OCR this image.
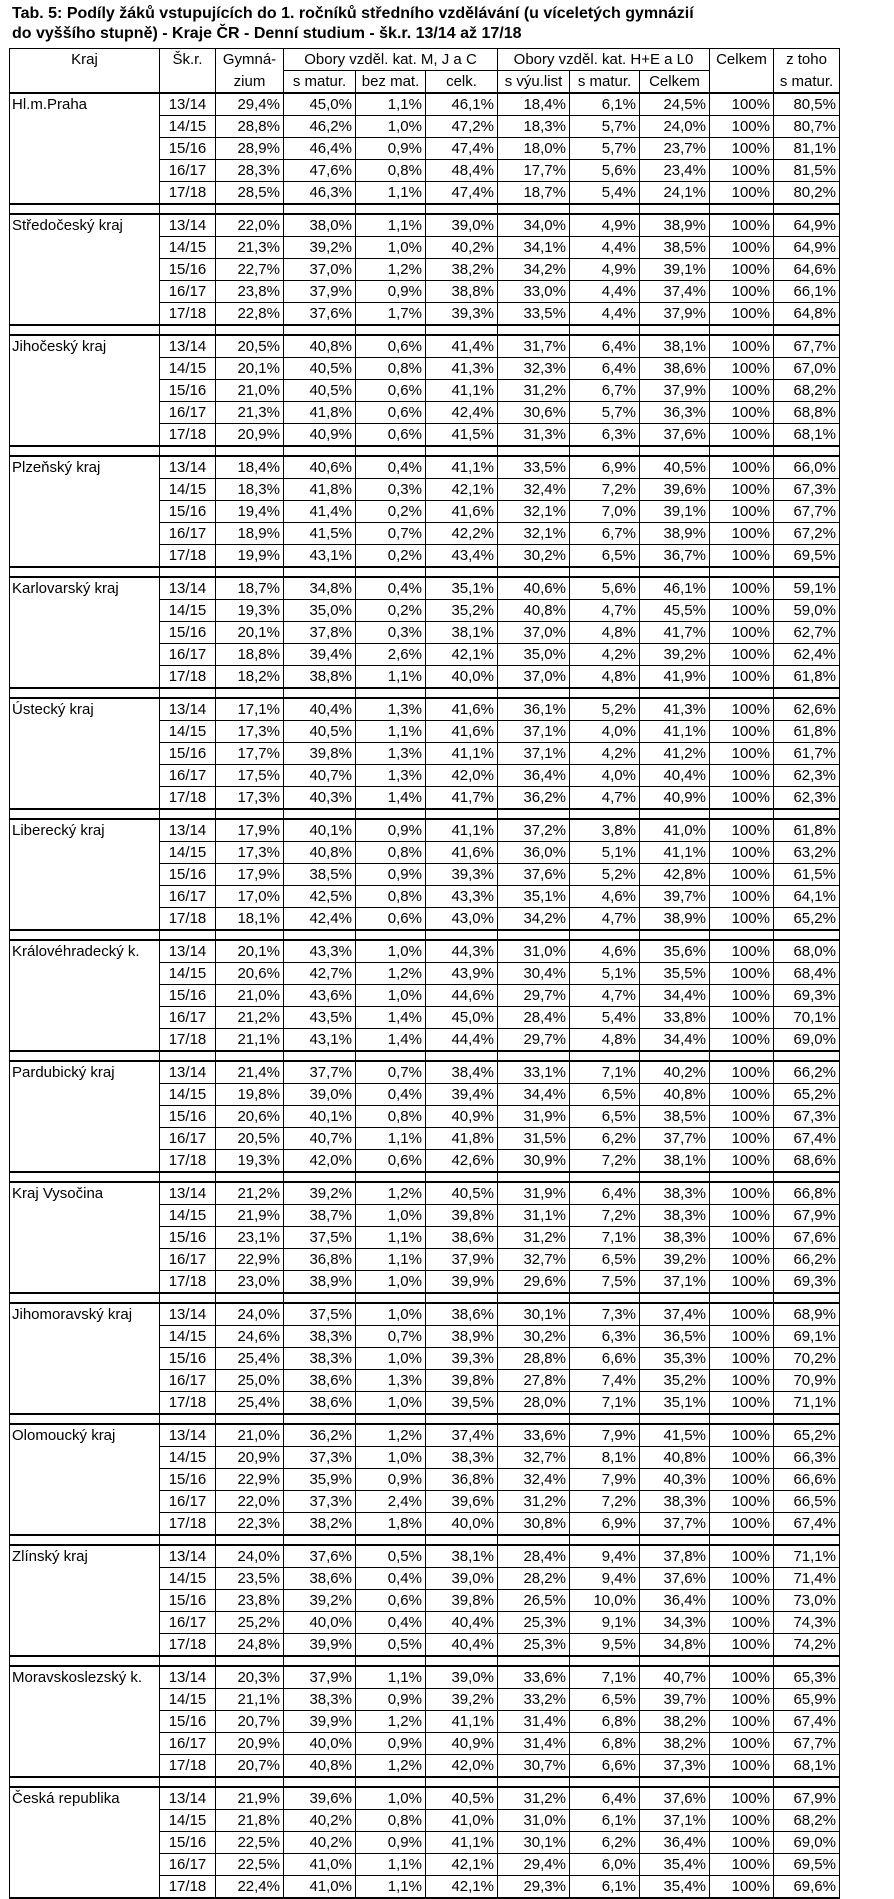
Tab. 5: Podíly žáků vstupujících do 1. ročníků středního vzdělávání (u víceletých gymnázií
do vyššího stupně) - Kraje ČR - Denní studium - šk.r. 13/14 až 17/18
Kraj	Šk.r.	Gymná-	Obory vzděl. kat. M, J a C			Obory vzděl. kat. H+E a L0			Celkem	z toho
		zium	s matur.	bez mat.	celk.	s výu.list	s matur.	Celkem		s matur.
Hl.m.Praha	13/14	29,4%	45,0%	1,1%	46,1%	18,4%	6,1%	24,5%	100%	80,5%
	14/15	28,8%	46,2%	1,0%	47,2%	18,3%	5,7%	24,0%	100%	80,7%
	15/16	28,9%	46,4%	0,9%	47,4%	18,0%	5,7%	23,7%	100%	81,1%
	16/17	28,3%	47,6%	0,8%	48,4%	17,7%	5,6%	23,4%	100%	81,5%
	17/18	28,5%	46,3%	1,1%	47,4%	18,7%	5,4%	24,1%	100%	80,2%

Středočeský kraj	13/14	22,0%	38,0%	1,1%	39,0%	34,0%	4,9%	38,9%	100%	64,9%
	14/15	21,3%	39,2%	1,0%	40,2%	34,1%	4,4%	38,5%	100%	64,9%
	15/16	22,7%	37,0%	1,2%	38,2%	34,2%	4,9%	39,1%	100%	64,6%
	16/17	23,8%	37,9%	0,9%	38,8%	33,0%	4,4%	37,4%	100%	66,1%
	17/18	22,8%	37,6%	1,7%	39,3%	33,5%	4,4%	37,9%	100%	64,8%

Jihočeský kraj	13/14	20,5%	40,8%	0,6%	41,4%	31,7%	6,4%	38,1%	100%	67,7%
	14/15	20,1%	40,5%	0,8%	41,3%	32,3%	6,4%	38,6%	100%	67,0%
	15/16	21,0%	40,5%	0,6%	41,1%	31,2%	6,7%	37,9%	100%	68,2%
	16/17	21,3%	41,8%	0,6%	42,4%	30,6%	5,7%	36,3%	100%	68,8%
	17/18	20,9%	40,9%	0,6%	41,5%	31,3%	6,3%	37,6%	100%	68,1%

Plzeňský kraj	13/14	18,4%	40,6%	0,4%	41,1%	33,5%	6,9%	40,5%	100%	66,0%
	14/15	18,3%	41,8%	0,3%	42,1%	32,4%	7,2%	39,6%	100%	67,3%
	15/16	19,4%	41,4%	0,2%	41,6%	32,1%	7,0%	39,1%	100%	67,7%
	16/17	18,9%	41,5%	0,7%	42,2%	32,1%	6,7%	38,9%	100%	67,2%
	17/18	19,9%	43,1%	0,2%	43,4%	30,2%	6,5%	36,7%	100%	69,5%

Karlovarský kraj	13/14	18,7%	34,8%	0,4%	35,1%	40,6%	5,6%	46,1%	100%	59,1%
	14/15	19,3%	35,0%	0,2%	35,2%	40,8%	4,7%	45,5%	100%	59,0%
	15/16	20,1%	37,8%	0,3%	38,1%	37,0%	4,8%	41,7%	100%	62,7%
	16/17	18,8%	39,4%	2,6%	42,1%	35,0%	4,2%	39,2%	100%	62,4%
	17/18	18,2%	38,8%	1,1%	40,0%	37,0%	4,8%	41,9%	100%	61,8%

Ústecký kraj	13/14	17,1%	40,4%	1,3%	41,6%	36,1%	5,2%	41,3%	100%	62,6%
	14/15	17,3%	40,5%	1,1%	41,6%	37,1%	4,0%	41,1%	100%	61,8%
	15/16	17,7%	39,8%	1,3%	41,1%	37,1%	4,2%	41,2%	100%	61,7%
	16/17	17,5%	40,7%	1,3%	42,0%	36,4%	4,0%	40,4%	100%	62,3%
	17/18	17,3%	40,3%	1,4%	41,7%	36,2%	4,7%	40,9%	100%	62,3%

Liberecký kraj	13/14	17,9%	40,1%	0,9%	41,1%	37,2%	3,8%	41,0%	100%	61,8%
	14/15	17,3%	40,8%	0,8%	41,6%	36,0%	5,1%	41,1%	100%	63,2%
	15/16	17,9%	38,5%	0,9%	39,3%	37,6%	5,2%	42,8%	100%	61,5%
	16/17	17,0%	42,5%	0,8%	43,3%	35,1%	4,6%	39,7%	100%	64,1%
	17/18	18,1%	42,4%	0,6%	43,0%	34,2%	4,7%	38,9%	100%	65,2%

Královéhradecký k.	13/14	20,1%	43,3%	1,0%	44,3%	31,0%	4,6%	35,6%	100%	68,0%
	14/15	20,6%	42,7%	1,2%	43,9%	30,4%	5,1%	35,5%	100%	68,4%
	15/16	21,0%	43,6%	1,0%	44,6%	29,7%	4,7%	34,4%	100%	69,3%
	16/17	21,2%	43,5%	1,4%	45,0%	28,4%	5,4%	33,8%	100%	70,1%
	17/18	21,1%	43,1%	1,4%	44,4%	29,7%	4,8%	34,4%	100%	69,0%

Pardubický kraj	13/14	21,4%	37,7%	0,7%	38,4%	33,1%	7,1%	40,2%	100%	66,2%
	14/15	19,8%	39,0%	0,4%	39,4%	34,4%	6,5%	40,8%	100%	65,2%
	15/16	20,6%	40,1%	0,8%	40,9%	31,9%	6,5%	38,5%	100%	67,3%
	16/17	20,5%	40,7%	1,1%	41,8%	31,5%	6,2%	37,7%	100%	67,4%
	17/18	19,3%	42,0%	0,6%	42,6%	30,9%	7,2%	38,1%	100%	68,6%

Kraj Vysočina	13/14	21,2%	39,2%	1,2%	40,5%	31,9%	6,4%	38,3%	100%	66,8%
	14/15	21,9%	38,7%	1,0%	39,8%	31,1%	7,2%	38,3%	100%	67,9%
	15/16	23,1%	37,5%	1,1%	38,6%	31,2%	7,1%	38,3%	100%	67,6%
	16/17	22,9%	36,8%	1,1%	37,9%	32,7%	6,5%	39,2%	100%	66,2%
	17/18	23,0%	38,9%	1,0%	39,9%	29,6%	7,5%	37,1%	100%	69,3%

Jihomoravský kraj	13/14	24,0%	37,5%	1,0%	38,6%	30,1%	7,3%	37,4%	100%	68,9%
	14/15	24,6%	38,3%	0,7%	38,9%	30,2%	6,3%	36,5%	100%	69,1%
	15/16	25,4%	38,3%	1,0%	39,3%	28,8%	6,6%	35,3%	100%	70,2%
	16/17	25,0%	38,6%	1,3%	39,8%	27,8%	7,4%	35,2%	100%	70,9%
	17/18	25,4%	38,6%	1,0%	39,5%	28,0%	7,1%	35,1%	100%	71,1%

Olomoucký kraj	13/14	21,0%	36,2%	1,2%	37,4%	33,6%	7,9%	41,5%	100%	65,2%
	14/15	20,9%	37,3%	1,0%	38,3%	32,7%	8,1%	40,8%	100%	66,3%
	15/16	22,9%	35,9%	0,9%	36,8%	32,4%	7,9%	40,3%	100%	66,6%
	16/17	22,0%	37,3%	2,4%	39,6%	31,2%	7,2%	38,3%	100%	66,5%
	17/18	22,3%	38,2%	1,8%	40,0%	30,8%	6,9%	37,7%	100%	67,4%

Zlínský kraj	13/14	24,0%	37,6%	0,5%	38,1%	28,4%	9,4%	37,8%	100%	71,1%
	14/15	23,5%	38,6%	0,4%	39,0%	28,2%	9,4%	37,6%	100%	71,4%
	15/16	23,8%	39,2%	0,6%	39,8%	26,5%	10,0%	36,4%	100%	73,0%
	16/17	25,2%	40,0%	0,4%	40,4%	25,3%	9,1%	34,3%	100%	74,3%
	17/18	24,8%	39,9%	0,5%	40,4%	25,3%	9,5%	34,8%	100%	74,2%

Moravskoslezský k.	13/14	20,3%	37,9%	1,1%	39,0%	33,6%	7,1%	40,7%	100%	65,3%
	14/15	21,1%	38,3%	0,9%	39,2%	33,2%	6,5%	39,7%	100%	65,9%
	15/16	20,7%	39,9%	1,2%	41,1%	31,4%	6,8%	38,2%	100%	67,4%
	16/17	20,9%	40,0%	0,9%	40,9%	31,4%	6,8%	38,2%	100%	67,7%
	17/18	20,7%	40,8%	1,2%	42,0%	30,7%	6,6%	37,3%	100%	68,1%

Česká republika	13/14	21,9%	39,6%	1,0%	40,5%	31,2%	6,4%	37,6%	100%	67,9%
	14/15	21,8%	40,2%	0,8%	41,0%	31,0%	6,1%	37,1%	100%	68,2%
	15/16	22,5%	40,2%	0,9%	41,1%	30,1%	6,2%	36,4%	100%	69,0%
	16/17	22,5%	41,0%	1,1%	42,1%	29,4%	6,0%	35,4%	100%	69,5%
	17/18	22,4%	41,0%	1,1%	42,1%	29,3%	6,1%	35,4%	100%	69,6%
